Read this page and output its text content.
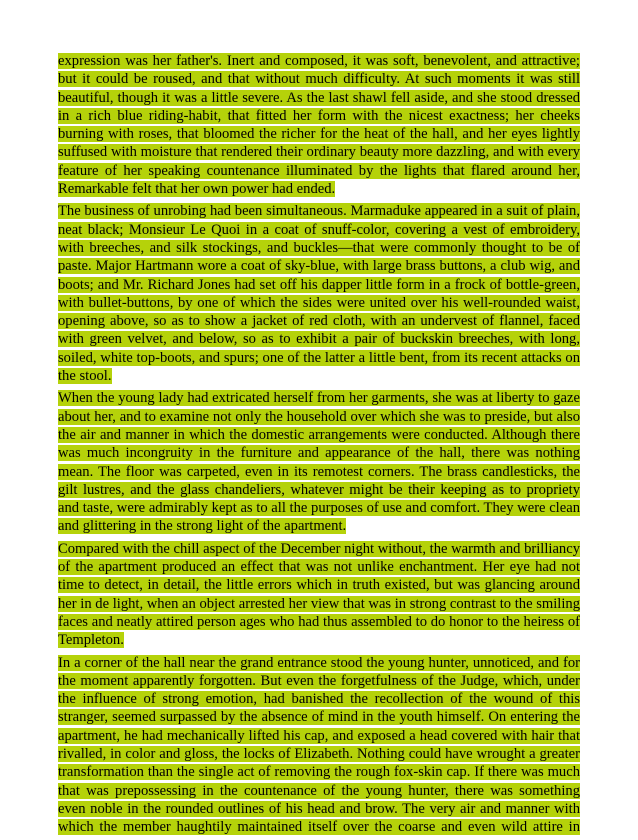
expression was her father's. Inert and composed, it was soft, benevolent, and attractive; but it could be roused, and that without much difficulty. At such moments it was still beautiful, though it was a little severe. As the last shawl fell aside, and she stood dressed in a rich blue riding-habit, that fitted her form with the nicest exactness; her cheeks burning with roses, that bloomed the richer for the heat of the hall, and her eyes lightly suffused with moisture that rendered their ordinary beauty more dazzling, and with every feature of her speaking countenance illuminated by the lights that flared around her, Remarkable felt that her own power had ended.

The business of unrobing had been simultaneous. Marmaduke appeared in a suit of plain, neat black; Monsieur Le Quoi in a coat of snuff-color, covering a vest of embroidery, with breeches, and silk stockings, and buckles—that were commonly thought to be of paste. Major Hartmann wore a coat of sky-blue, with large brass buttons, a club wig, and boots; and Mr. Richard Jones had set off his dapper little form in a frock of bottle-green, with bullet-buttons, by one of which the sides were united over his well-rounded waist, opening above, so as to show a jacket of red cloth, with an undervest of flannel, faced with green velvet, and below, so as to exhibit a pair of buckskin breeches, with long, soiled, white top-boots, and spurs; one of the latter a little bent, from its recent attacks on the stool.

When the young lady had extricated herself from her garments, she was at liberty to gaze about her, and to examine not only the household over which she was to preside, but also the air and manner in which the domestic arrangements were conducted. Although there was much incongruity in the furniture and appearance of the hall, there was nothing mean. The floor was carpeted, even in its remotest corners. The brass candlesticks, the gilt lustres, and the glass chandeliers, whatever might be their keeping as to propriety and taste, were admirably kept as to all the purposes of use and comfort. They were clean and glittering in the strong light of the apartment.

Compared with the chill aspect of the December night without, the warmth and brilliancy of the apartment produced an effect that was not unlike enchantment. Her eye had not time to detect, in detail, the little errors which in truth existed, but was glancing around her in de light, when an object arrested her view that was in strong contrast to the smiling faces and neatly attired person ages who had thus assembled to do honor to the heiress of Templeton.

In a corner of the hall near the grand entrance stood the young hunter, unnoticed, and for the moment apparently forgotten. But even the forgetfulness of the Judge, which, under the influence of strong emotion, had banished the recollection of the wound of this stranger, seemed surpassed by the absence of mind in the youth himself. On entering the apartment, he had mechanically lifted his cap, and exposed a head covered with hair that rivalled, in color and gloss, the locks of Elizabeth. Nothing could have wrought a greater transformation than the single act of removing the rough fox-skin cap. If there was much that was prepossessing in the countenance of the young hunter, there was something even noble in the rounded outlines of his head and brow. The very air and manner with which the member haughtily maintained itself over the coarse and even wild attire in
